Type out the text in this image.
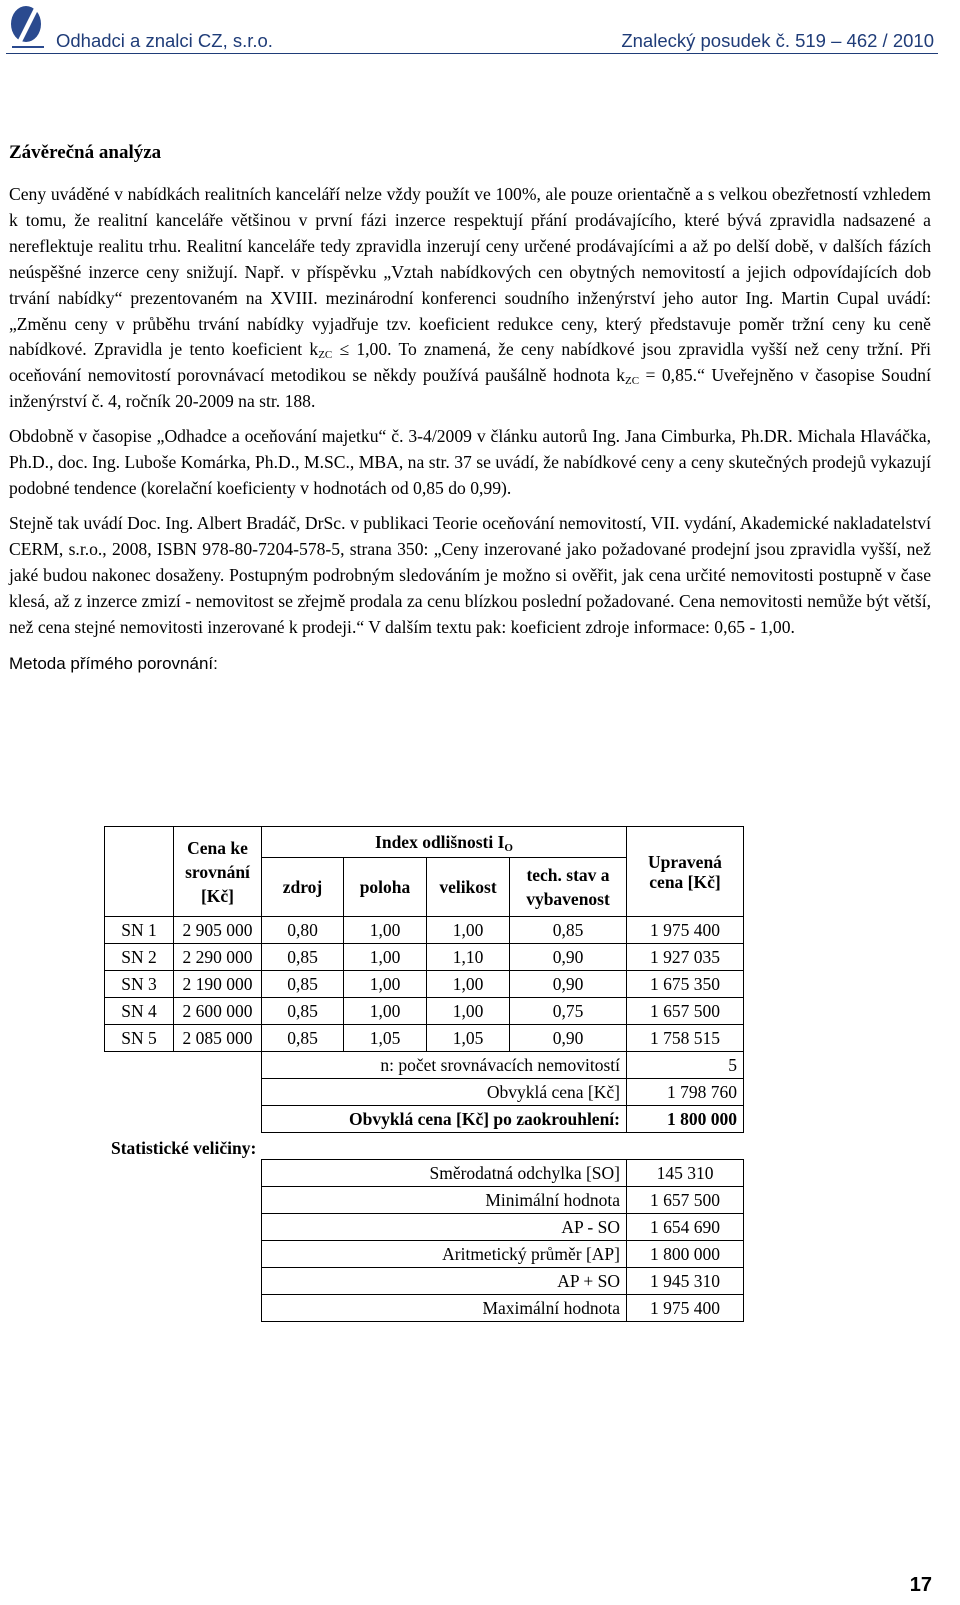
Odhadci a znalci CZ, s.r.o.	Znalecký posudek č. 519 – 462 / 2010
Závěrečná analýza

Ceny uváděné v nabídkách realitních kanceláří nelze vždy použít ve 100%, ale pouze orientačně a s velkou obezřetností vzhledem k tomu, že realitní kanceláře většinou v první fázi inzerce respektují přání prodávajícího, které bývá zpravidla nadsazené a nereflektuje realitu trhu. Realitní kanceláře tedy zpravidla inzerují ceny určené prodávajícími a až po delší době, v dalších fázích neúspěšné inzerce ceny snižují. Např. v příspěvku „Vztah nabídkových cen obytných nemovitostí a jejich odpovídajících dob trvání nabídky“ prezentovaném na XVIII. mezinárodní konferenci soudního inženýrství jeho autor Ing. Martin Cupal uvádí: „Změnu ceny v průběhu trvání nabídky vyjadřuje tzv. koeficient redukce ceny, který představuje poměr tržní ceny ku ceně nabídkové. Zpravidla je tento koeficient $k_{ZC} \le 1,00$. To znamená, že ceny nabídkové jsou zpravidla vyšší než ceny tržní. Při oceňování nemovitostí porovnávací metodikou se někdy používá paušálně hodnota $k_{ZC}$ = 0,85.“ Uveřejněno v časopise Soudní inženýrství č. 4, ročník 20-2009 na str. 188.

Obdobně v časopise „Odhadce a oceňování majetku“ č. 3-4/2009 v článku autorů Ing. Jana Cimburka, Ph.DR. Michala Hlaváčka, Ph.D., doc. Ing. Luboše Komárka, Ph.D., M.SC., MBA, na str. 37 se uvádí, že nabídkové ceny a ceny skutečných prodejů vykazují podobné tendence (korelační koeficienty v hodnotách od 0,85 do 0,99).

Stejně tak uvádí Doc. Ing. Albert Bradáč, DrSc. v publikaci Teorie oceňování nemovitostí, VII. vydání, Akademické nakladatelství CERM, s.r.o., 2008, ISBN 978-80-7204-578-5, strana 350: „Ceny inzerované jako požadované prodejní jsou zpravidla vyšší, než jaké budou nakonec dosaženy. Postupným podrobným sledováním je možno si ověřit, jak cena určité nemovitosti postupně v čase klesá, až z inzerce zmizí - nemovitost se zřejmě prodala za cenu blízkou poslední požadované. Cena nemovitosti nemůže být větší, než cena stejné nemovitosti inzerované k prodeji.“ V dalším textu pak: koeficient zdroje informace: 0,65 - 1,00.

Metoda přímého porovnání:

	Cena ke srovnání [Kč]	Index odlišnosti $I_O$				Upravená cena [Kč]
		zdroj	poloha	velikost	tech. stav a vybavenost	
SN 1	2 905 000	0,80	1,00	1,00	0,85	1 975 400
SN 2	2 290 000	0,85	1,00	1,10	0,90	1 927 035
SN 3	2 190 000	0,85	1,00	1,00	0,90	1 675 350
SN 4	2 600 000	0,85	1,00	1,00	0,75	1 657 500
SN 5	2 085 000	0,85	1,05	1,05	0,90	1 758 515
		n: počet srovnávacích nemovitostí				5
		Obvyklá cena [Kč]				1 798 760
		Obvyklá cena [Kč] po zaokrouhlení:				1 800 000

		Směrodatná odchylka [SO]				145 310
		Minimální hodnota				1 657 500
		AP - SO				1 654 690
		Aritmetický průměr [AP]				1 800 000
		AP + SO				1 945 310
		Maximální hodnota				1 975 400
Statistické veličiny:
17
